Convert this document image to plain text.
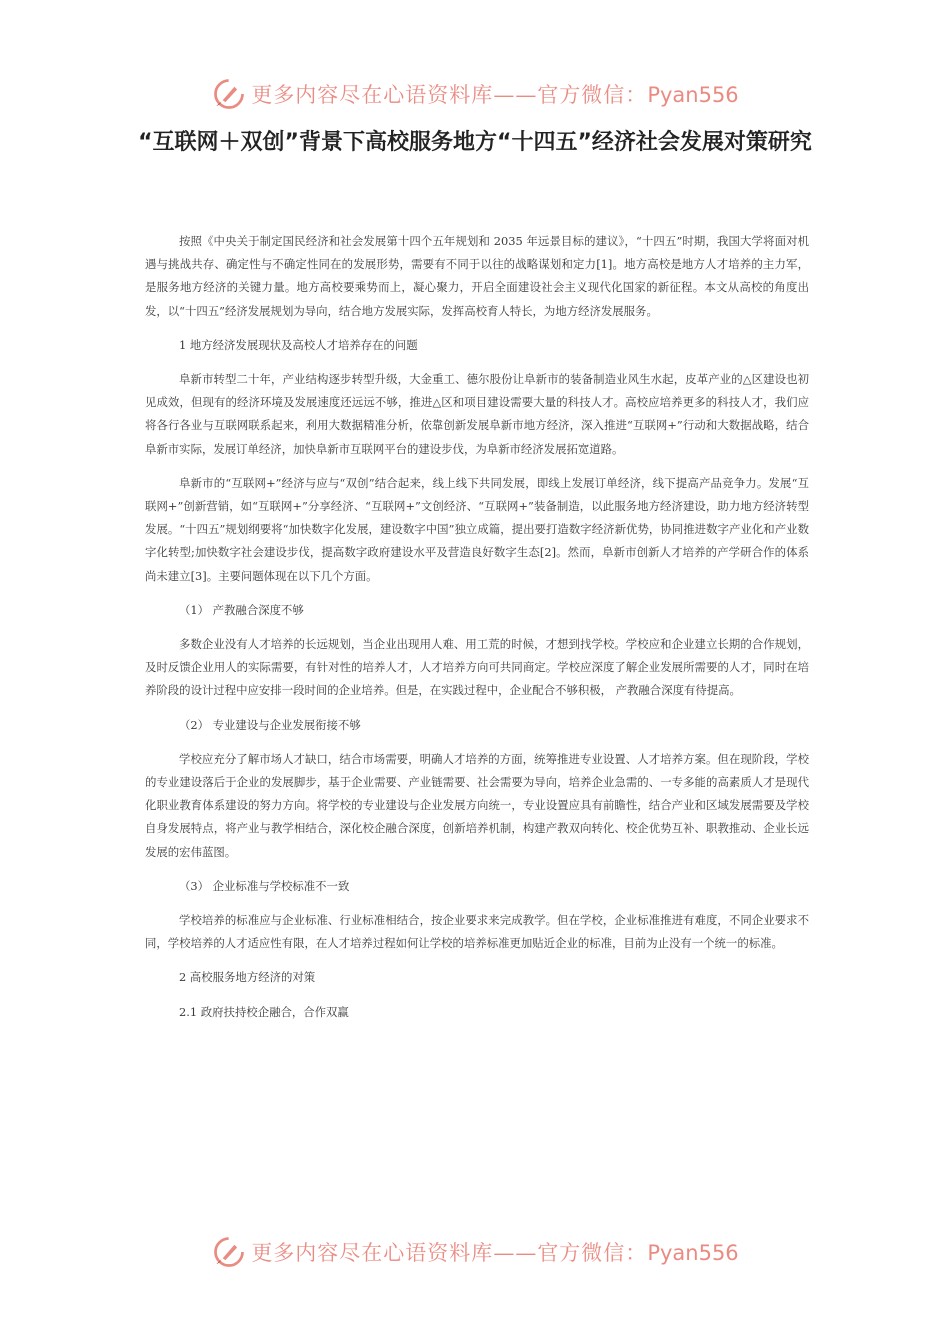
更多内容尽在心语资料库——官方微信：Pyan556
“互联网＋双创”背景下高校服务地方“十四五”经济社会发展对策研究

按照《中央关于制定国民经济和社会发展第十四个五年规划和 2035 年远景目标的建议》，“十四五”时期，我国大学将面对机遇与挑战共存、确定性与不确定性同在的发展形势，需要有不同于以往的战略谋划和定力[1]。地方高校是地方人才培养的主力军，是服务地方经济的关键力量。地方高校要乘势而上，凝心聚力，开启全面建设社会主义现代化国家的新征程。本文从高校的角度出发，以“十四五”经济发展规划为导向，结合地方发展实际，发挥高校育人特长，为地方经济发展服务。

1 地方经济发展现状及高校人才培养存在的问题

阜新市转型二十年，产业结构逐步转型升级，大金重工、德尔股份让阜新市的装备制造业风生水起，皮革产业的△区建设也初见成效，但现有的经济环境及发展速度还远远不够，推进△区和项目建设需要大量的科技人才。高校应培养更多的科技人才，我们应将各行各业与互联网联系起来，利用大数据精准分析，依靠创新发展阜新市地方经济，深入推进“互联网+”行动和大数据战略，结合阜新市实际，发展订单经济，加快阜新市互联网平台的建设步伐，为阜新市经济发展拓宽道路。

阜新市的“互联网+”经济与应与“双创”结合起来，线上线下共同发展，即线上发展订单经济，线下提高产品竞争力。发展“互联网+”创新营销，如“互联网+”分享经济、“互联网+”文创经济、“互联网+”装备制造，以此服务地方经济建设，助力地方经济转型发展。“十四五”规划纲要将“加快数字化发展，建设数字中国”独立成篇，提出要打造数字经济新优势，协同推进数字产业化和产业数字化转型;加快数字社会建设步伐，提高数字政府建设水平及营造良好数字生态[2]。然而，阜新市创新人才培养的产学研合作的体系尚未建立[3]。主要问题体现在以下几个方面。

（1） 产教融合深度不够

多数企业没有人才培养的长远规划，当企业出现用人难、用工荒的时候，才想到找学校。学校应和企业建立长期的合作规划，及时反馈企业用人的实际需要，有针对性的培养人才，人才培养方向可共同商定。学校应深度了解企业发展所需要的人才，同时在培养阶段的设计过程中应安排一段时间的企业培养。但是，在实践过程中，企业配合不够积极， 产教融合深度有待提高。

（2） 专业建设与企业发展衔接不够

学校应充分了解市场人才缺口，结合市场需要，明确人才培养的方面，统筹推进专业设置、人才培养方案。但在现阶段，学校的专业建设落后于企业的发展脚步，基于企业需要、产业链需要、社会需要为导向，培养企业急需的、一专多能的高素质人才是现代化职业教育体系建设的努力方向。将学校的专业建设与企业发展方向统一，专业设置应具有前瞻性，结合产业和区域发展需要及学校自身发展特点，将产业与教学相结合，深化校企融合深度，创新培养机制，构建产教双向转化、校企优势互补、职教推动、企业长远发展的宏伟蓝图。

（3） 企业标准与学校标准不一致

学校培养的标准应与企业标准、行业标准相结合，按企业要求来完成教学。但在学校，企业标准推进有难度，不同企业要求不同，学校培养的人才适应性有限，在人才培养过程如何让学校的培养标准更加贴近企业的标准，目前为止没有一个统一的标准。

2 高校服务地方经济的对策

2.1 政府扶持校企融合，合作双赢

更多内容尽在心语资料库——官方微信：Pyan556
